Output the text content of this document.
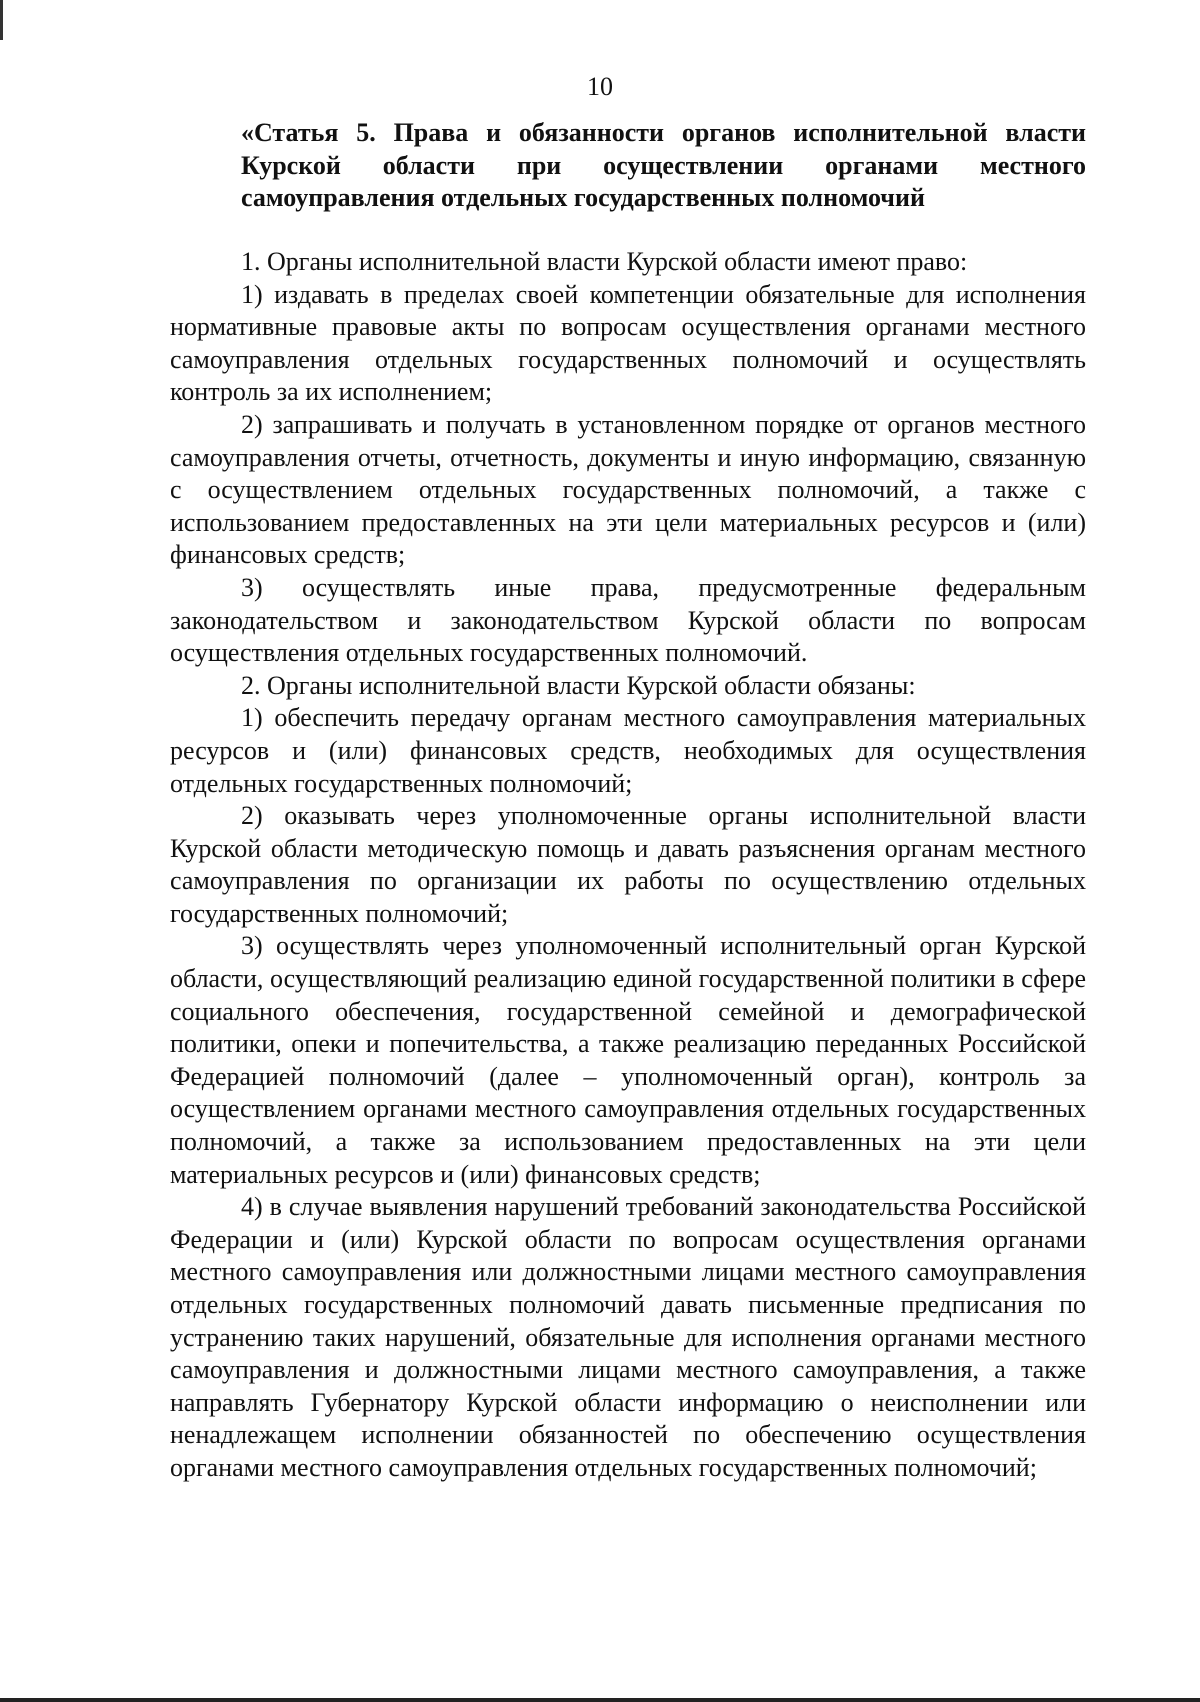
10
«Статья 5. Права и обязанности органов исполнительной власти Курской области при осуществлении органами местного самоуправления отдельных государственных полномочий

1. Органы исполнительной власти Курской области имеют право:

1) издавать в пределах своей компетенции обязательные для исполнения нормативные правовые акты по вопросам осуществления органами местного самоуправления отдельных государственных полномочий и осуществлять контроль за их исполнением;

2) запрашивать и получать в установленном порядке от органов местного самоуправления отчеты, отчетность, документы и иную информацию, связанную с осуществлением отдельных государственных полномочий, а также с использованием предоставленных на эти цели материальных ресурсов и (или) финансовых средств;

3) осуществлять иные права, предусмотренные федеральным законодательством и законодательством Курской области по вопросам осуществления отдельных государственных полномочий.

2. Органы исполнительной власти Курской области обязаны:

1) обеспечить передачу органам местного самоуправления материальных ресурсов и (или) финансовых средств, необходимых для осуществления отдельных государственных полномочий;

2) оказывать через уполномоченные органы исполнительной власти Курской области методическую помощь и давать разъяснения органам местного самоуправления по организации их работы по осуществлению отдельных государственных полномочий;

3) осуществлять через уполномоченный исполнительный орган Курской области, осуществляющий реализацию единой государственной политики в сфере социального обеспечения, государственной семейной и демографической политики, опеки и попечительства, а также реализацию переданных Российской Федерацией полномочий (далее – уполномоченный орган), контроль за осуществлением органами местного самоуправления отдельных государственных полномочий, а также за использованием предоставленных на эти цели материальных ресурсов и (или) финансовых средств;

4) в случае выявления нарушений требований законодательства Российской Федерации и (или) Курской области по вопросам осуществления органами местного самоуправления или должностными лицами местного самоуправления отдельных государственных полномочий давать письменные предписания по устранению таких нарушений, обязательные для исполнения органами местного самоуправления и должностными лицами местного самоуправления, а также направлять Губернатору Курской области информацию о неисполнении или ненадлежащем исполнении обязанностей по обеспечению осуществления органами местного самоуправления отдельных государственных полномочий;
